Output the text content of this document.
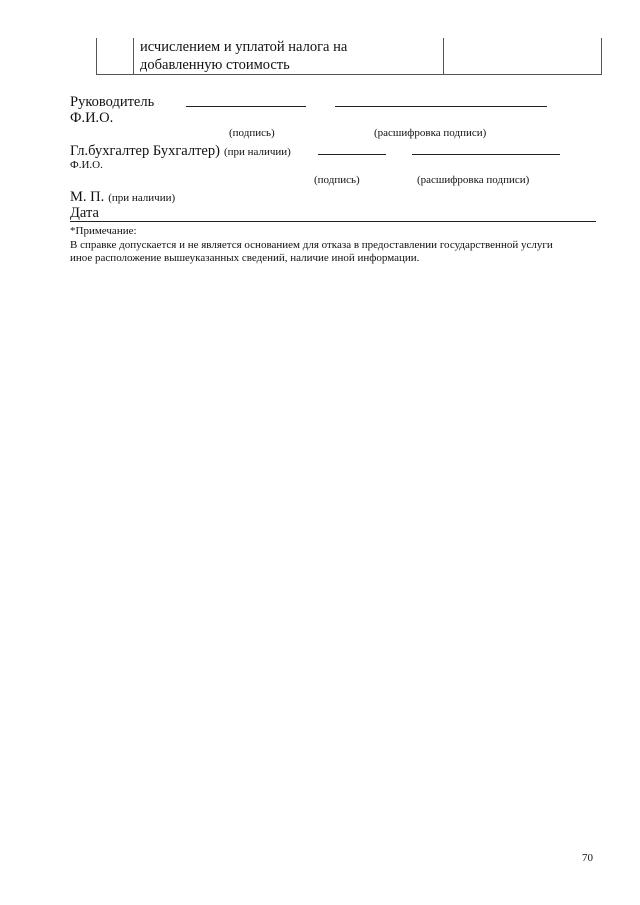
исчислением и уплатой налога на
добавленную стоимость
Руководитель
Ф.И.О.
(подпись)	(расшифровка подписи)
Гл.бухгалтер Бухгалтер) (при наличии)
Ф.И.О.
(подпись)	(расшифровка подписи)
М. П. (при наличии)
Дата
*Примечание:
В справке допускается и не является основанием для отказа в предоставлении государственной услуги
иное расположение вышеуказанных сведений, наличие иной информации.
70
